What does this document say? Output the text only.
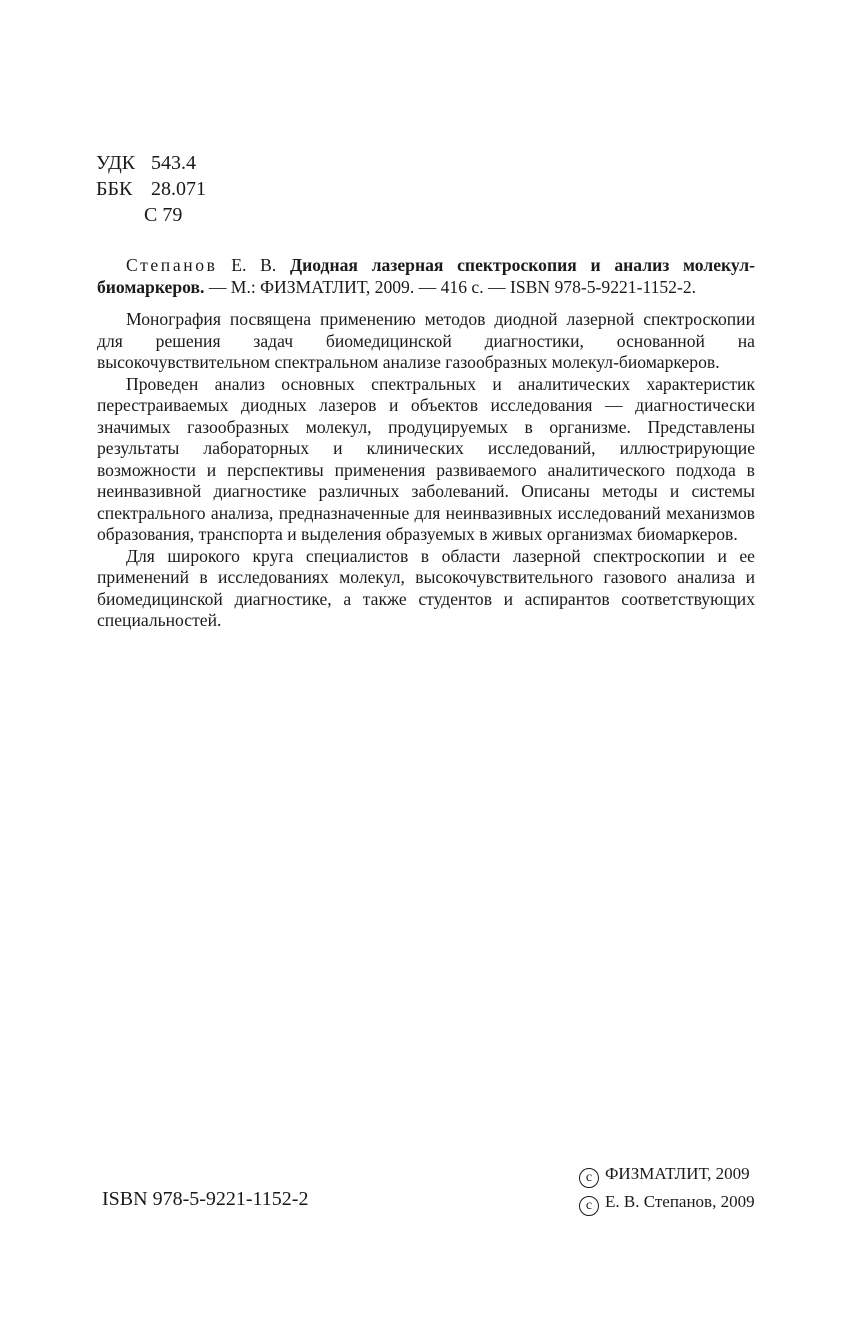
УДК 543.4
ББК 28.071
С 79
Степанов Е. В. Диодная лазерная спектроскопия и анализ молекул-биомаркеров. — М.: ФИЗМАТЛИТ, 2009. — 416 с. — ISBN 978-5-9221-1152-2.

Монография посвящена применению методов диодной лазерной спектроскопии для решения задач биомедицинской диагностики, основанной на высокочувствительном спектральном анализе газообразных молекул-биомаркеров.

Проведен анализ основных спектральных и аналитических характеристик перестраиваемых диодных лазеров и объектов исследования — диагностически значимых газообразных молекул, продуцируемых в организме. Представлены результаты лабораторных и клинических исследований, иллюстрирующие возможности и перспективы применения развиваемого аналитического подхода в неинвазивной диагностике различных заболеваний. Описаны методы и системы спектрального анализа, предназначенные для неинвазивных исследований механизмов образования, транспорта и выделения образуемых в живых организмах биомаркеров.

Для широкого круга специалистов в области лазерной спектроскопии и ее применений в исследованиях молекул, высокочувствительного газового анализа и биомедицинской диагностике, а также студентов и аспирантов соответствующих специальностей.

ISBN 978-5-9221-1152-2
c ФИЗМАТЛИТ, 2009
c Е. В. Степанов, 2009
